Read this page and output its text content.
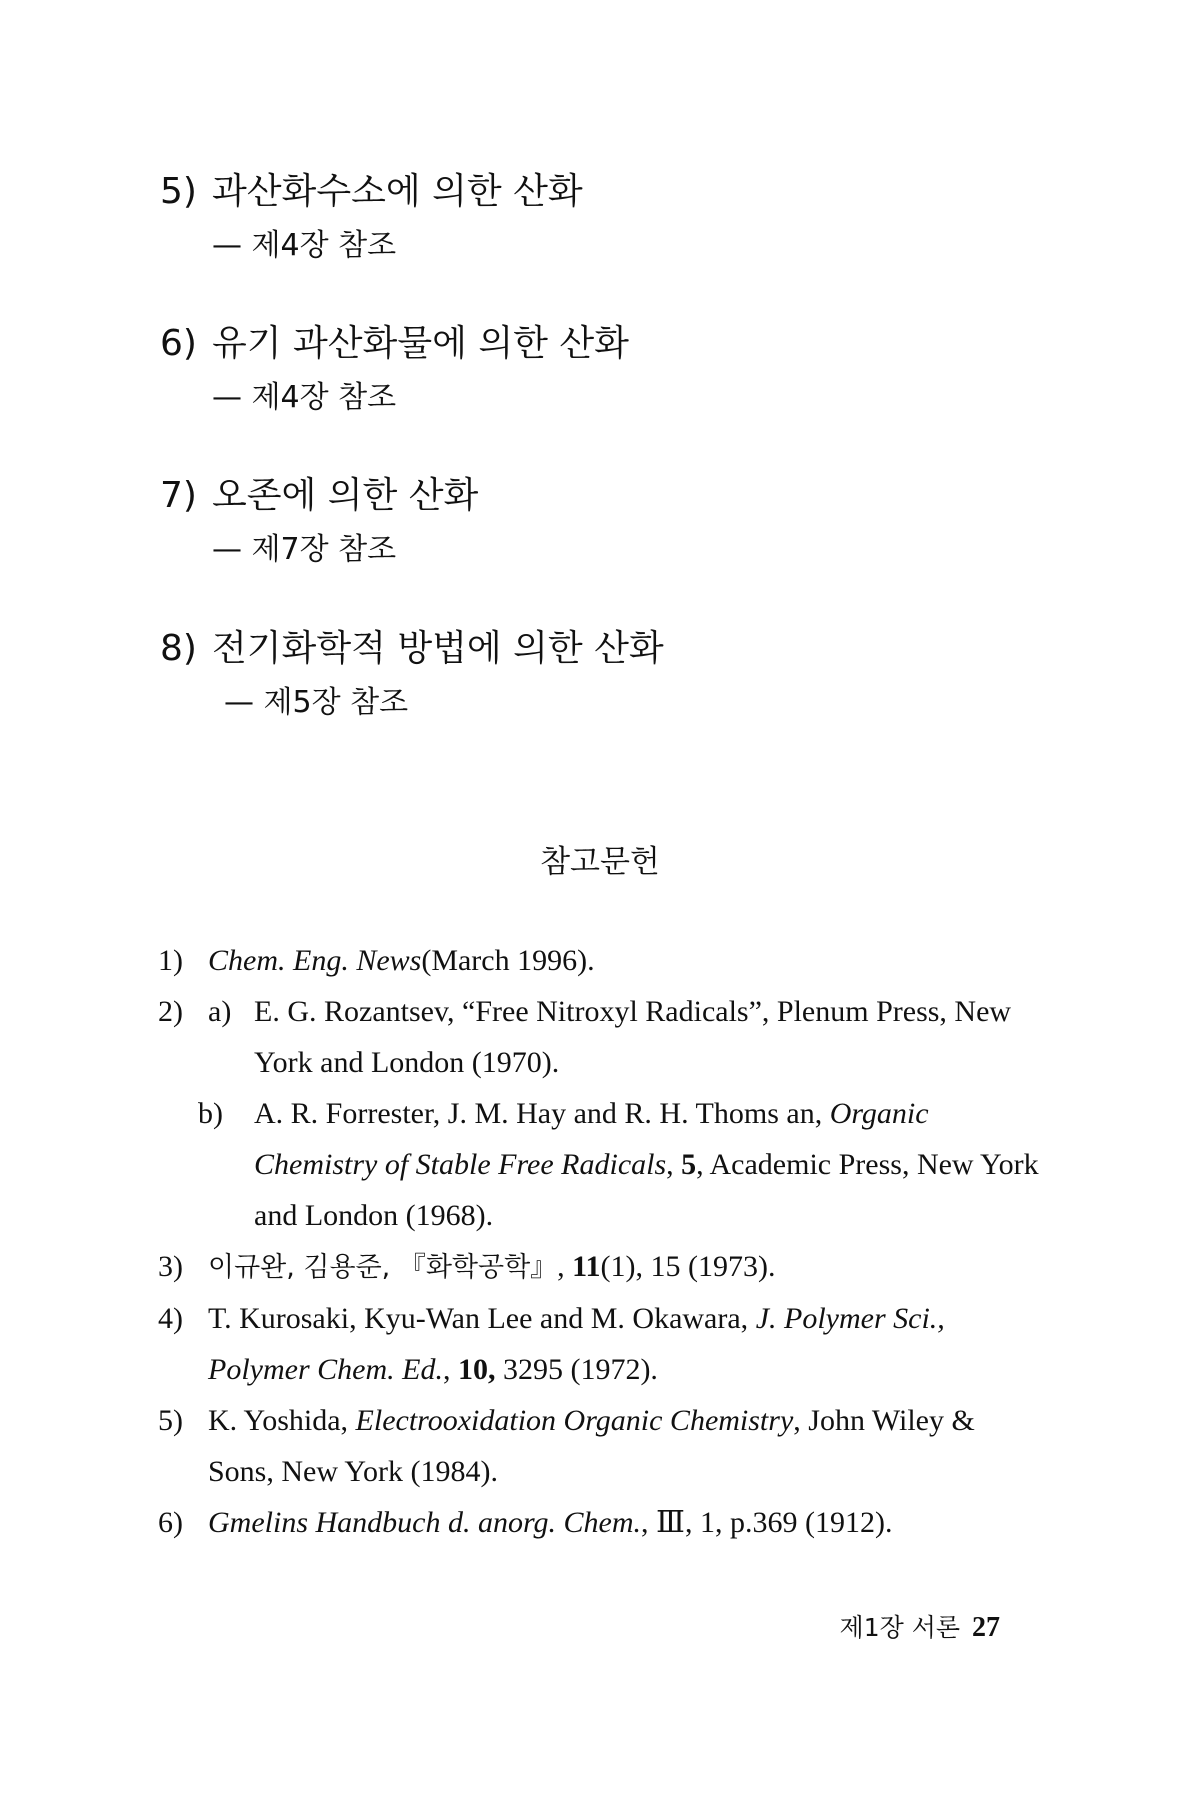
5) 과산화수소에 의한 산화
— 제4장 참조
6) 유기 과산화물에 의한 산화
— 제4장 참조
7) 오존에 의한 산화
— 제7장 참조
8) 전기화학적 방법에 의한 산화
— 제5장 참조
참고문헌
1) Chem. Eng. News(March 1996).
2) a) E. G. Rozantsev, “Free Nitroxyl Radicals”, Plenum Press, New York and London (1970).
b) A. R. Forrester, J. M. Hay and R. H. Thoms an, Organic Chemistry of Stable Free Radicals, 5, Academic Press, New York and London (1968).
3) 이규완, 김용준, 『화학공학』, 11(1), 15 (1973).
4) T. Kurosaki, Kyu-Wan Lee and M. Okawara, J. Polymer Sci., Polymer Chem. Ed., 10, 3295 (1972).
5) K. Yoshida, Electrooxidation Organic Chemistry, John Wiley & Sons, New York (1984).
6) Gmelins Handbuch d. anorg. Chem., Ⅲ, 1, p.369 (1912).
제1장 서론 27
